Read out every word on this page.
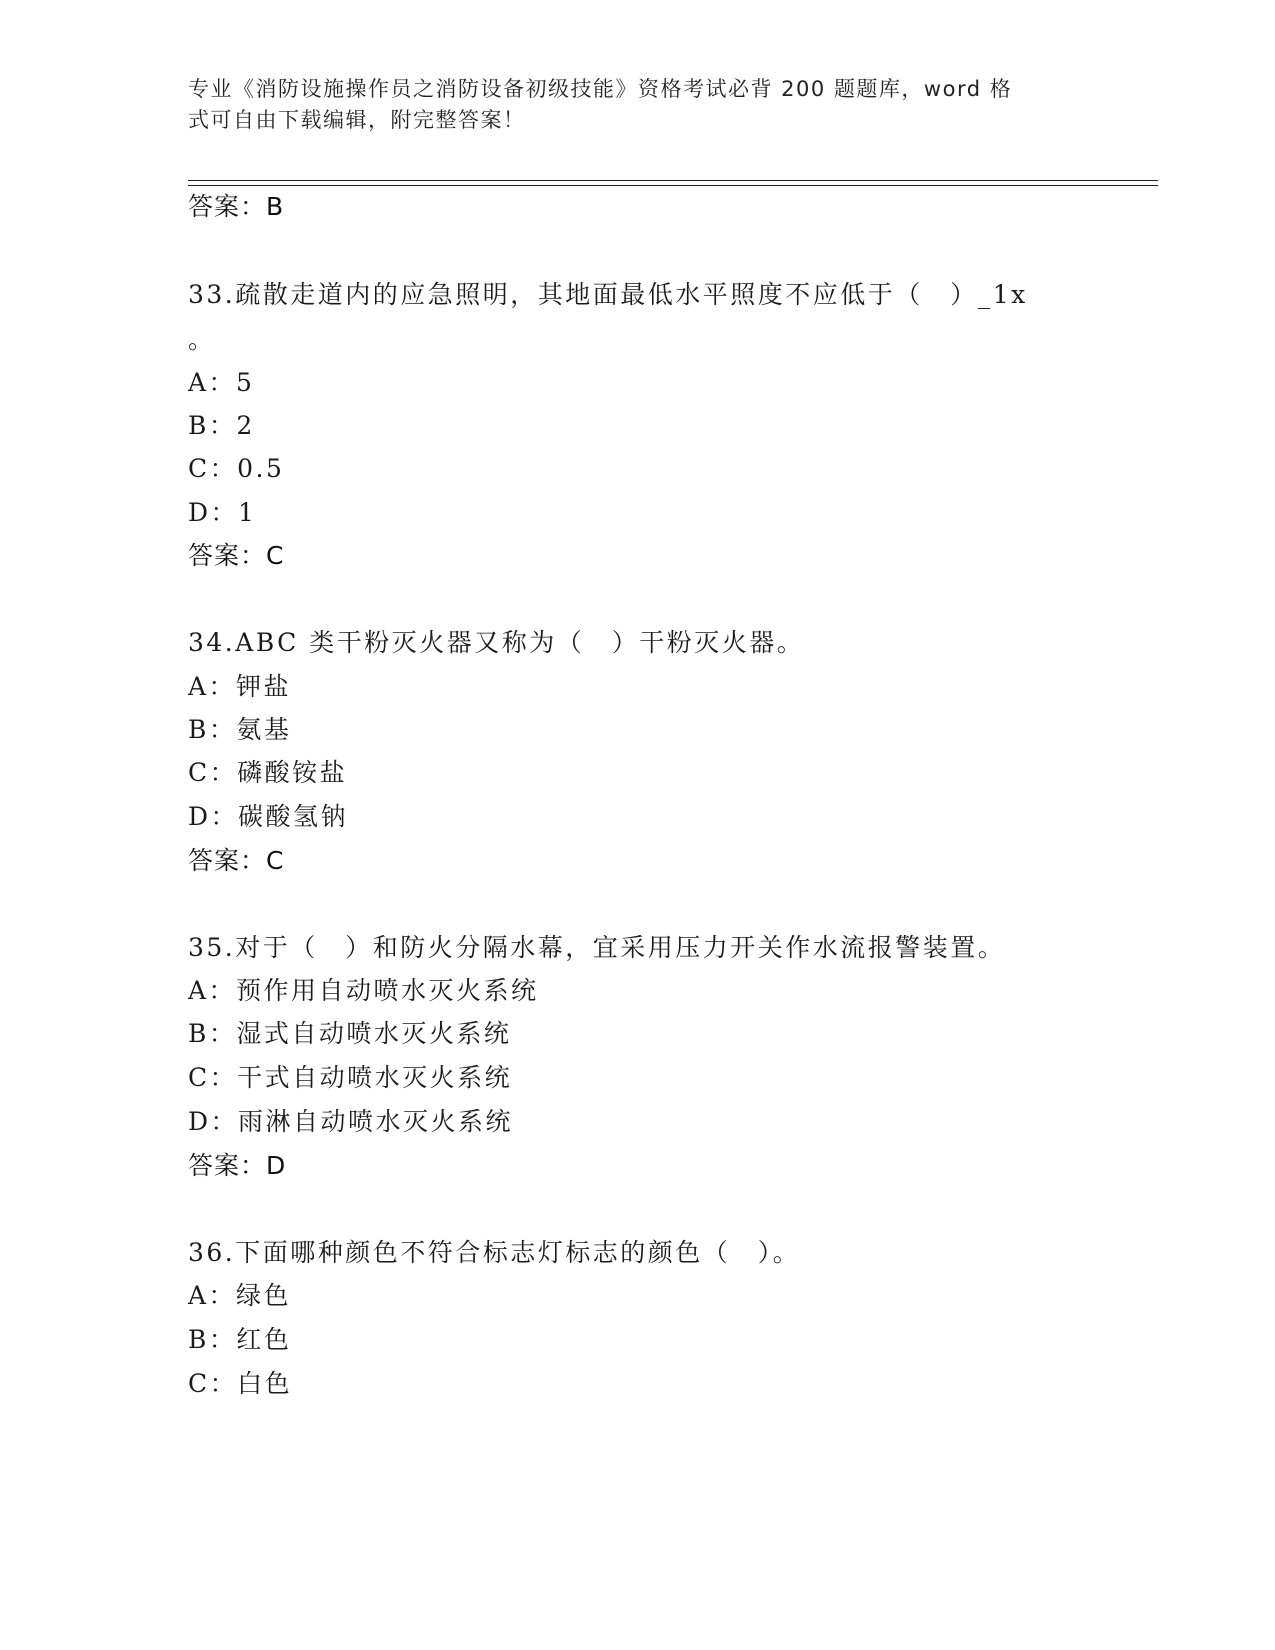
专业《消防设施操作员之消防设备初级技能》资格考试必背 200 题题库，word 格
式可自由下载编辑，附完整答案！
答案：B
33.疏散走道内的应急照明，其地面最低水平照度不应低于（　）_1x
。
A：5
B：2
C：0.5
D：1
答案：C
34.ABC 类干粉灭火器又称为（　）干粉灭火器。
A：钾盐
B：氨基
C：磷酸铵盐
D：碳酸氢钠
答案：C
35.对于（　）和防火分隔水幕，宜采用压力开关作水流报警装置。
A：预作用自动喷水灭火系统
B：湿式自动喷水灭火系统
C：干式自动喷水灭火系统
D：雨淋自动喷水灭火系统
答案：D
36.下面哪种颜色不符合标志灯标志的颜色（　）。
A：绿色
B：红色
C：白色
